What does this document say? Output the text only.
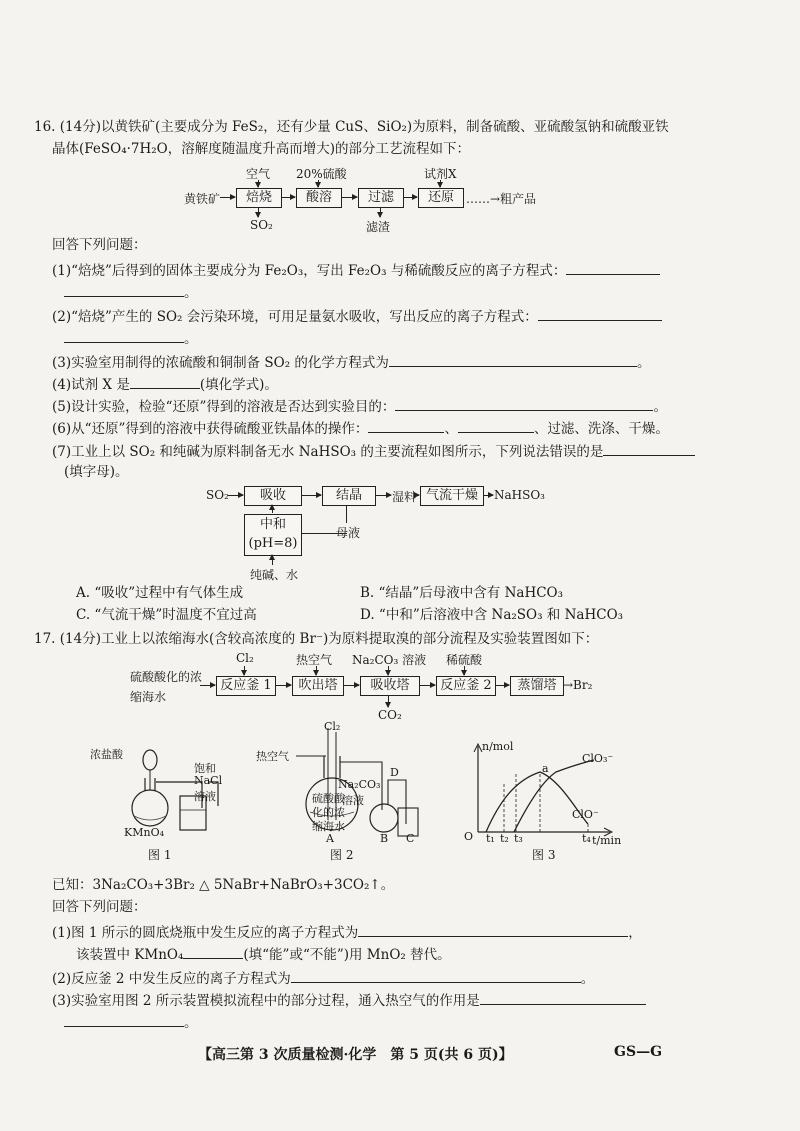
16. (14分)以黄铁矿(主要成分为 FeS₂，还有少量 CuS、SiO₂)为原料，制备硫酸、亚硫酸氢钠和硫酸亚铁
晶体(FeSO₄·7H₂O，溶解度随温度升高而增大)的部分工艺流程如下：
黄铁矿
空气
焙烧
SO₂
20%硫酸
酸溶	过滤
滤渣
试剂X
还原	……→粗产品
回答下列问题：
(1)“焙烧”后得到的固体主要成分为 Fe₂O₃，写出 Fe₂O₃ 与稀硫酸反应的离子方程式：
。
(2)“焙烧”产生的 SO₂ 会污染环境，可用足量氨水吸收，写出反应的离子方程式：
。
(3)实验室用制得的浓硫酸和铜制备 SO₂ 的化学方程式为	。
(4)试剂 X 是	(填化学式)。
(5)设计实验，检验“还原”得到的溶液是否达到实验目的：	。
(6)从“还原”得到的溶液中获得硫酸亚铁晶体的操作：	、	、过滤、洗涤、干燥。
(7)工业上以 SO₂ 和纯碱为原料制备无水 NaHSO₃ 的主要流程如图所示，下列说法错误的是
(填字母)。
SO₂	吸收	结晶	湿料 气流干燥	NaHSO₃
中和
(pH=8)
母液
纯碱、水
A. “吸收”过程中有气体生成	B. “结晶”后母液中含有 NaHCO₃
C. “气流干燥”时温度不宜过高	D. “中和”后溶液中含 Na₂SO₃ 和 NaHCO₃
17. (14分)工业上以浓缩海水(含较高浓度的 Br⁻)为原料提取溴的部分流程及实验装置图如下：
硫酸酸化的浓
缩海水
Cl₂
反应釜 1
热空气
吹出塔
Na₂CO₃ 溶液
吸收塔
CO₂
稀硫酸
反应釜 2	蒸馏塔 →Br₂
浓盐酸
KMnO₄
饱和
NaCl
溶液
图 1
热空气
Cl₂
D
硫酸酸
化的浓
缩海水
Na₂CO₃
溶液
A	B C
图 2
n/mol
t/min
O
a
ClO₃⁻
ClO⁻
t₁ t₂ t₃	t₄
图 3
已知：3Na₂CO₃+3Br₂ △ 5NaBr+NaBrO₃+3CO₂↑。
回答下列问题：
(1)图 1 所示的圆底烧瓶中发生反应的离子方程式为	，
该装置中 KMnO₄	(填“能”或“不能”)用 MnO₂ 替代。
(2)反应釜 2 中发生反应的离子方程式为	。
(3)实验室用图 2 所示装置模拟流程中的部分过程，通入热空气的作用是
。
【高三第 3 次质量检测·化学　第 5 页(共 6 页)】	GS—G
